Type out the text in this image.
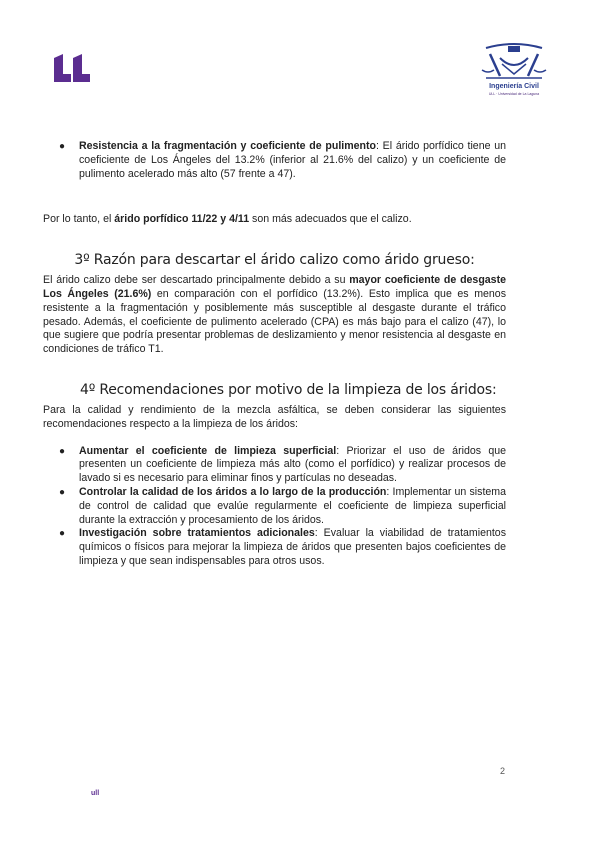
Ingeniería Civil
ULL · Universidad de La Laguna
● Resistencia a la fragmentación y coeficiente de pulimento: El árido porfídico tiene un coeficiente de Los Ángeles del 13.2% (inferior al 21.6% del calizo) y un coeficiente de pulimento acelerado más alto (57 frente a 47).

Por lo tanto, el árido porfídico 11/22 y 4/11 son más adecuados que el calizo.

3º Razón para descartar el árido calizo como árido grueso:

El árido calizo debe ser descartado principalmente debido a su mayor coeficiente de desgaste Los Ángeles (21.6%) en comparación con el porfídico (13.2%). Esto implica que es menos resistente a la fragmentación y posiblemente más susceptible al desgaste durante el tráfico pesado. Además, el coeficiente de pulimento acelerado (CPA) es más bajo para el calizo (47), lo que sugiere que podría presentar problemas de deslizamiento y menor resistencia al desgaste en condiciones de tráfico T1.

4º Recomendaciones por motivo de la limpieza de los áridos:

Para la calidad y rendimiento de la mezcla asfáltica, se deben considerar las siguientes recomendaciones respecto a la limpieza de los áridos:

● Aumentar el coeficiente de limpieza superficial: Priorizar el uso de áridos que presenten un coeficiente de limpieza más alto (como el porfídico) y realizar procesos de lavado si es necesario para eliminar finos y partículas no deseadas.
● Controlar la calidad de los áridos a lo largo de la producción: Implementar un sistema de control de calidad que evalúe regularmente el coeficiente de limpieza superficial durante la extracción y procesamiento de los áridos.
● Investigación sobre tratamientos adicionales: Evaluar la viabilidad de tratamientos químicos o físicos para mejorar la limpieza de áridos que presenten bajos coeficientes de limpieza y que sean indispensables para otros usos.
2
ull
